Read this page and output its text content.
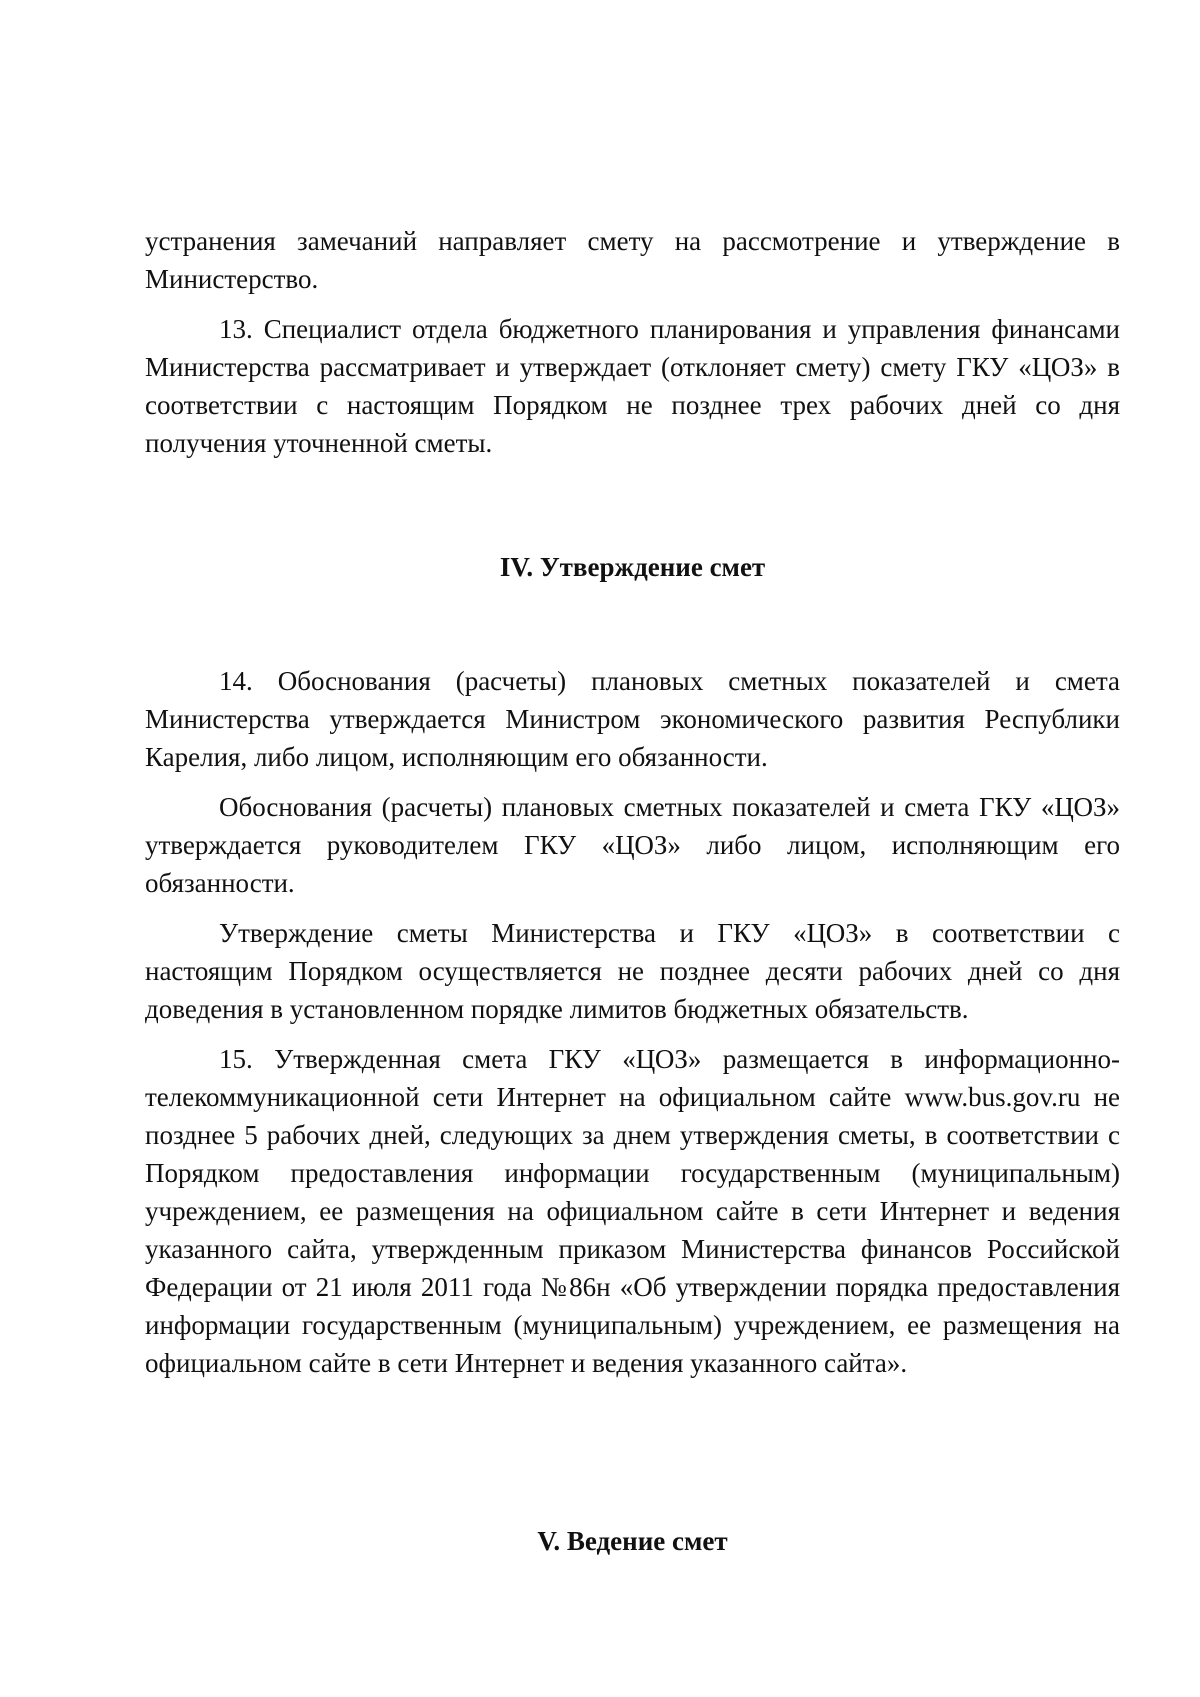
устранения замечаний направляет смету на рассмотрение и утверждение в Министерство.

13. Специалист отдела бюджетного планирования и управления финансами Министерства рассматривает и утверждает (отклоняет смету) смету ГКУ «ЦОЗ» в соответствии с настоящим Порядком не позднее трех рабочих дней со дня получения уточненной сметы.

IV. Утверждение смет

14. Обоснования (расчеты) плановых сметных показателей и смета Министерства утверждается Министром экономического развития Республики Карелия, либо лицом, исполняющим его обязанности.

Обоснования (расчеты) плановых сметных показателей и смета ГКУ «ЦОЗ» утверждается руководителем ГКУ «ЦОЗ» либо лицом, исполняющим его обязанности.

Утверждение сметы Министерства и ГКУ «ЦОЗ» в соответствии с настоящим Порядком осуществляется не позднее десяти рабочих дней со дня доведения в установленном порядке лимитов бюджетных обязательств.

15. Утвержденная смета ГКУ «ЦОЗ» размещается в информационно-телекоммуникационной сети Интернет на официальном сайте www.bus.gov.ru не позднее 5 рабочих дней, следующих за днем утверждения сметы, в соответствии с Порядком предоставления информации государственным (муниципальным) учреждением, ее размещения на официальном сайте в сети Интернет и ведения указанного сайта, утвержденным приказом Министерства финансов Российской Федерации от 21 июля 2011 года №86н «Об утверждении порядка предоставления информации государственным (муниципальным) учреждением, ее размещения на официальном сайте в сети Интернет и ведения указанного сайта».

V. Ведение смет
